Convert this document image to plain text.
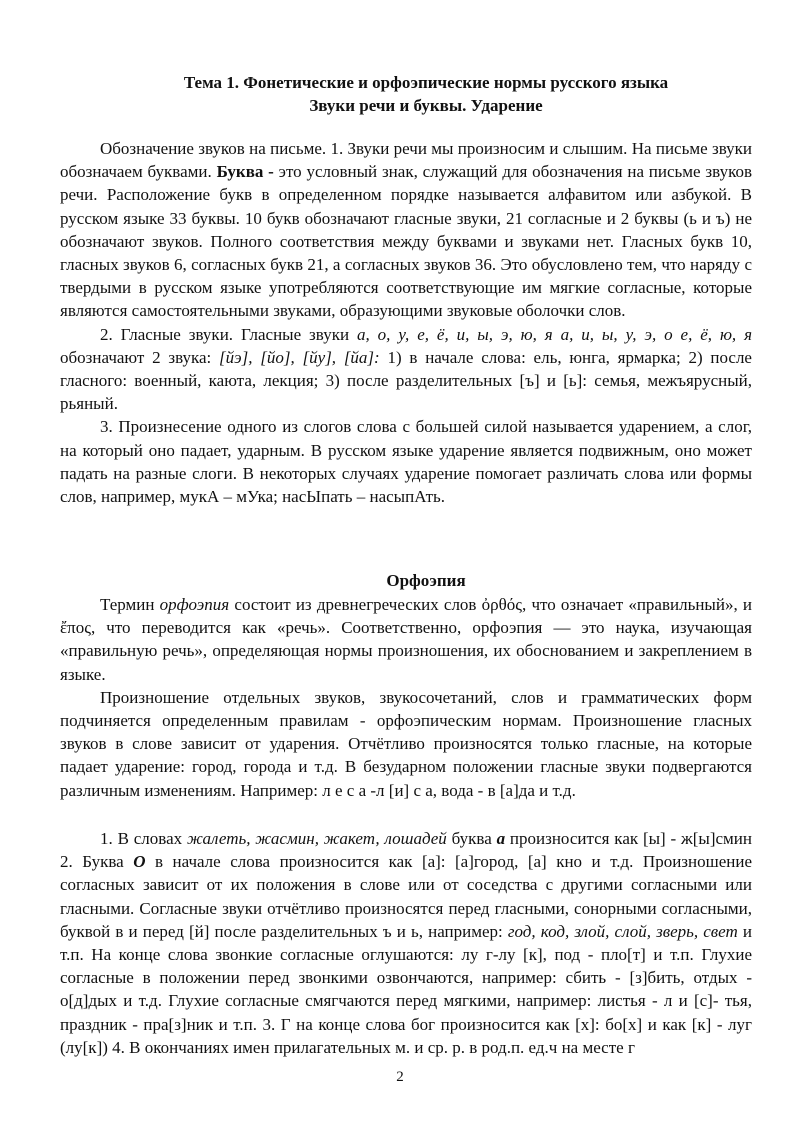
Тема 1. Фонетические и орфоэпические нормы русского языка
Звуки речи и буквы. Ударение

Обозначение звуков на письме. 1. Звуки речи мы произносим и слышим. На письме звуки обозначаем буквами. Буква - это условный знак, служащий для обозначения на письме звуков речи. Расположение букв в определенном порядке называется алфавитом или азбукой. В русском языке 33 буквы. 10 букв обозначают гласные звуки, 21 согласные и 2 буквы (ь и ъ) не обозначают звуков. Полного соответствия между буквами и звуками нет. Гласных букв 10, гласных звуков 6, согласных букв 21, а согласных звуков 36. Это обусловлено тем, что наряду с твердыми в русском языке употребляются соответствующие им мягкие согласные, которые являются самостоятельными звуками, образующими звуковые оболочки слов.

2. Гласные звуки. Гласные звуки а, о, у, е, ё, и, ы, э, ю, я а, и, ы, у, э, о е, ё, ю, я обозначают 2 звука: [йэ], [йо], [йу], [йа]: 1) в начале слова: ель, юнга, ярмарка; 2) после гласного: военный, каюта, лекция; 3) после разделительных [ъ] и [ь]: семья, межъярусный, рьяный.

3. Произнесение одного из слогов слова с большей силой называется ударением, а слог, на который оно падает, ударным. В русском языке ударение является подвижным, оно может падать на разные слоги. В некоторых случаях ударение помогает различать слова или формы слов, например, мукА – мУка; насЫпать – насыпАть.

Орфоэпия

Термин орфоэпия состоит из древнегреческих слов ὀρθός, что означает «правильный», и ἔπος, что переводится как «речь». Соответственно, орфоэпия — это наука, изучающая «правильную речь», определяющая нормы произношения, их обоснованием и закреплением в языке.

Произношение отдельных звуков, звукосочетаний, слов и грамматических форм подчиняется определенным правилам - орфоэпическим нормам. Произношение гласных звуков в слове зависит от ударения. Отчётливо произносятся только гласные, на которые падает ударение: город, города и т.д. В безударном положении гласные звуки подвергаются различным изменениям. Например: л е с а -л [и] с а, вода - в [а]да и т.д.

1. В словах жалеть, жасмин, жакет, лошадей буква а произносится как [ы] - ж[ы]смин 2. Буква О в начале слова произносится как [а]: [а]город, [а] кно и т.д. Произношение согласных зависит от их положения в слове или от соседства с другими согласными или гласными. Согласные звуки отчётливо произносятся перед гласными, сонорными согласными, буквой в и перед [й] после разделительных ъ и ь, например: год, код, злой, слой, зверь, свет и т.п. На конце слова звонкие согласные оглушаются: лу г-лу [к], под - пло[т] и т.п. Глухие согласные в положении перед звонкими озвончаются, например: сбить - [з]бить, отдых - о[д]дых и т.д. Глухие согласные смягчаются перед мягкими, например: листья - л и [с]- тья, праздник - пра[з]ник и т.п. 3. Г на конце слова бог произносится как [х]: бо[х] и как [к] - луг (лу[к]) 4. В окончаниях имен прилагательных м. и ср. р. в род.п. ед.ч на месте г

2
